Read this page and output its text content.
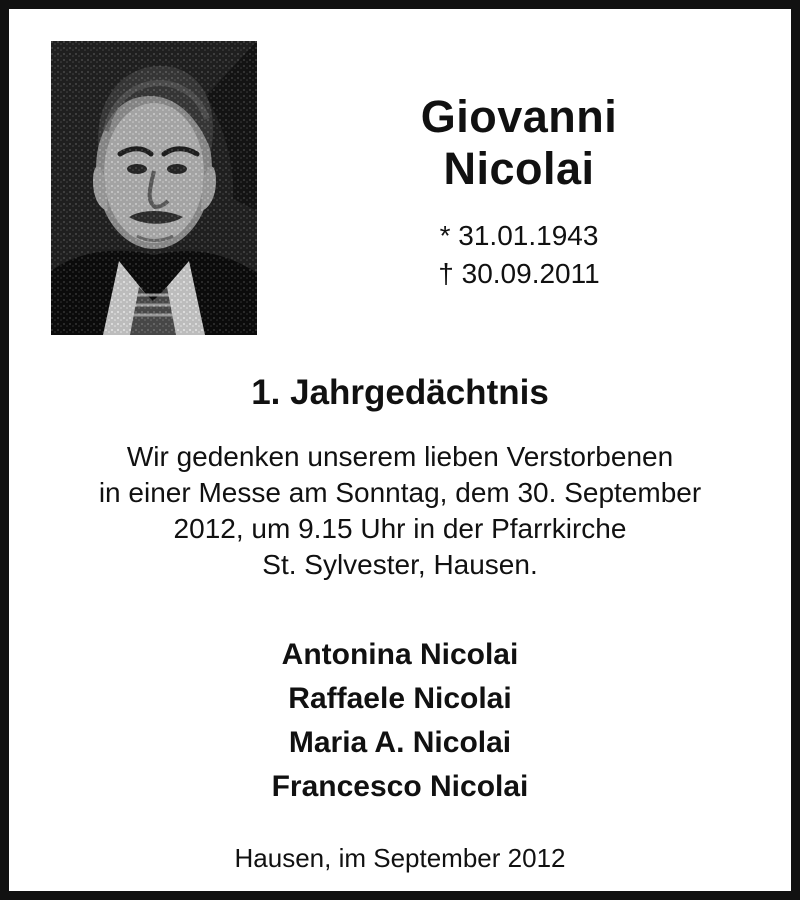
Giovanni
Nicolai
* 31.01.1943
† 30.09.2011
1. Jahrgedächtnis
Wir gedenken unserem lieben Verstorbenen
in einer Messe am Sonntag, dem 30. September
2012, um 9.15 Uhr in der Pfarrkirche
St. Sylvester, Hausen.
Antonina Nicolai
Raffaele Nicolai
Maria A. Nicolai
Francesco Nicolai
Hausen, im September 2012
